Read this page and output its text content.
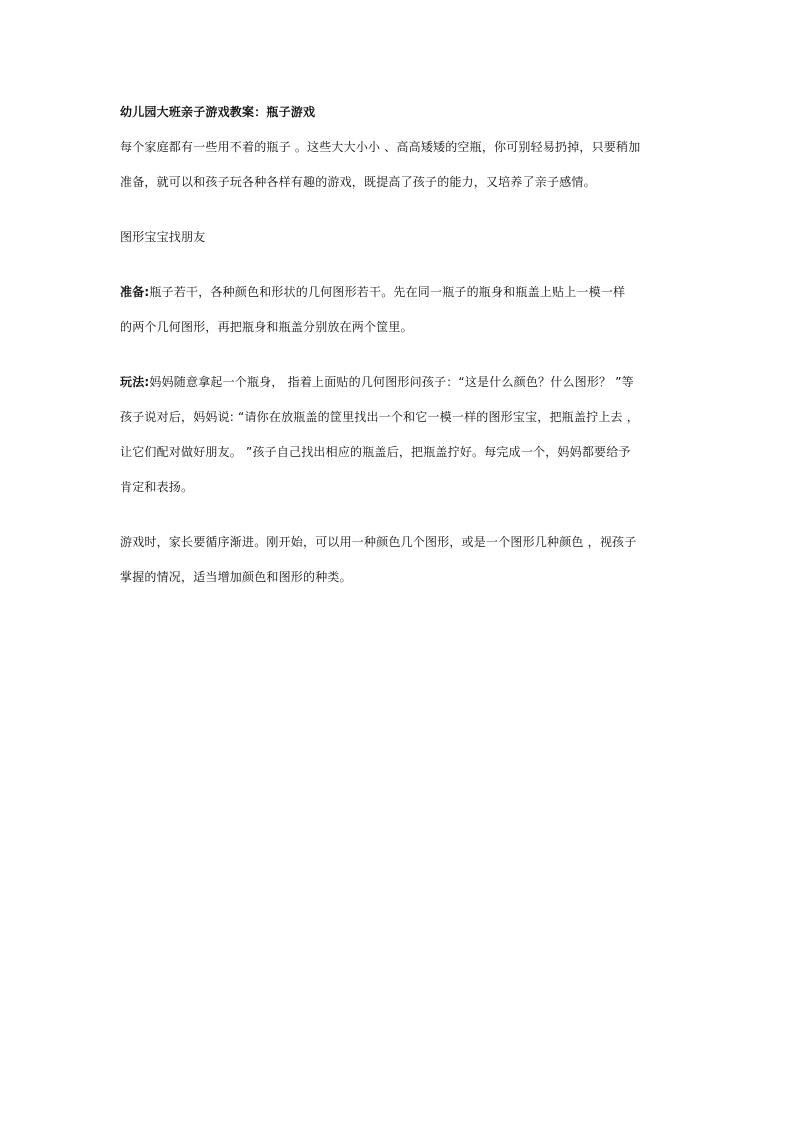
幼儿园大班亲子游戏教案：瓶子游戏
每个家庭都有一些用不着的瓶子 。这些大大小小 、高高矮矮的空瓶，你可别轻易扔掉，只要稍加
准备，就可以和孩子玩各种各样有趣的游戏，既提高了孩子的能力，又培养了亲子感情。
图形宝宝找朋友
准备:瓶子若干，各种颜色和形状的几何图形若干。先在同一瓶子的瓶身和瓶盖上贴上一模一样
的两个几何图形，再把瓶身和瓶盖分别放在两个筐里。
玩法:妈妈随意拿起一个瓶身， 指着上面贴的几何图形问孩子：“这是什么颜色？什么图形？ ”等
孩子说对后，妈妈说: “请你在放瓶盖的筐里找出一个和它一模一样的图形宝宝，把瓶盖拧上去 ，
让它们配对做好朋友。 ”孩子自己找出相应的瓶盖后，把瓶盖拧好。每完成一个，妈妈都要给予
肯定和表扬。
游戏时，家长要循序渐进。刚开始，可以用一种颜色几个图形，或是一个图形几种颜色 ，视孩子
掌握的情况，适当增加颜色和图形的种类。
